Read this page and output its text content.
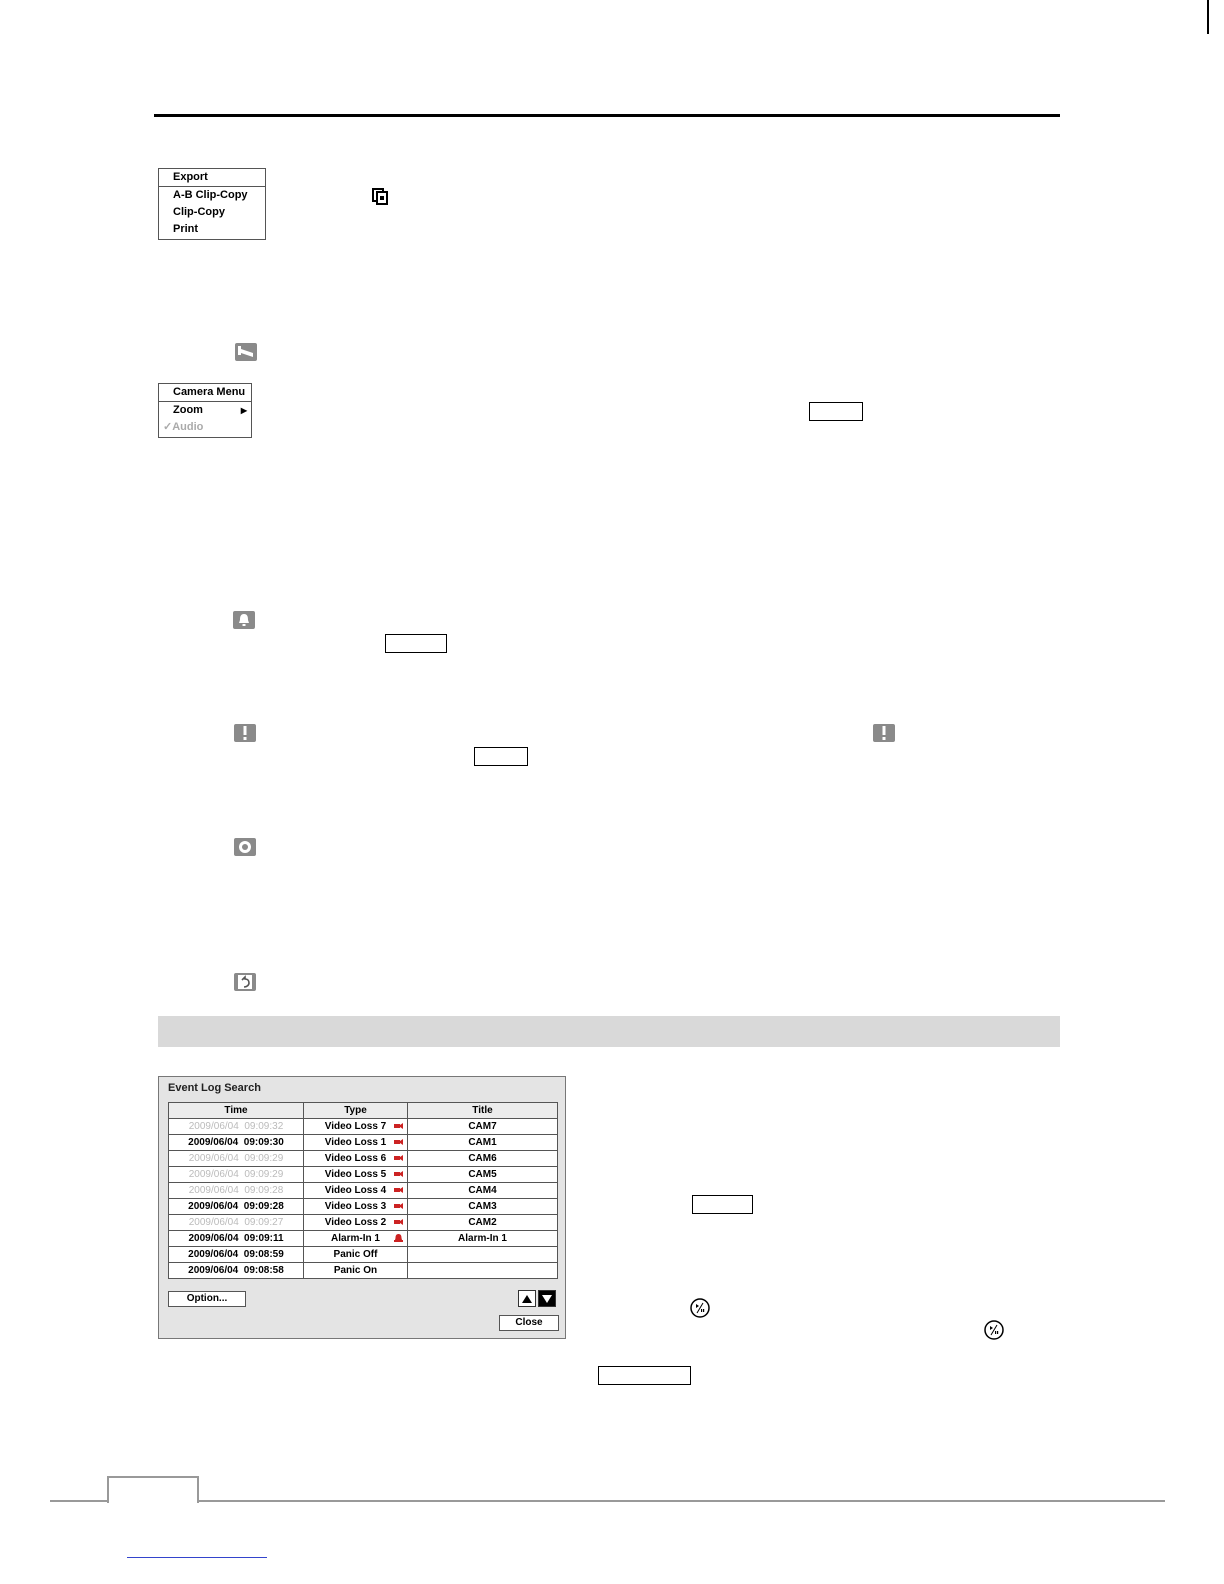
Export
A-B Clip-Copy
Clip-Copy
Print
Camera Menu
Zoom	▶
✓Audio
Event Log Search
Time	Type	Title
2009/06/04  09:09:32	Video Loss 7	CAM7
2009/06/04  09:09:30	Video Loss 1	CAM1
2009/06/04  09:09:29	Video Loss 6	CAM6
2009/06/04  09:09:29	Video Loss 5	CAM5
2009/06/04  09:09:28	Video Loss 4	CAM4
2009/06/04  09:09:28	Video Loss 3	CAM3
2009/06/04  09:09:27	Video Loss 2	CAM2
2009/06/04  09:09:11	Alarm-In 1	Alarm-In 1
2009/06/04  09:08:59	Panic Off	
2009/06/04  09:08:58	Panic On	
Option...
Close
